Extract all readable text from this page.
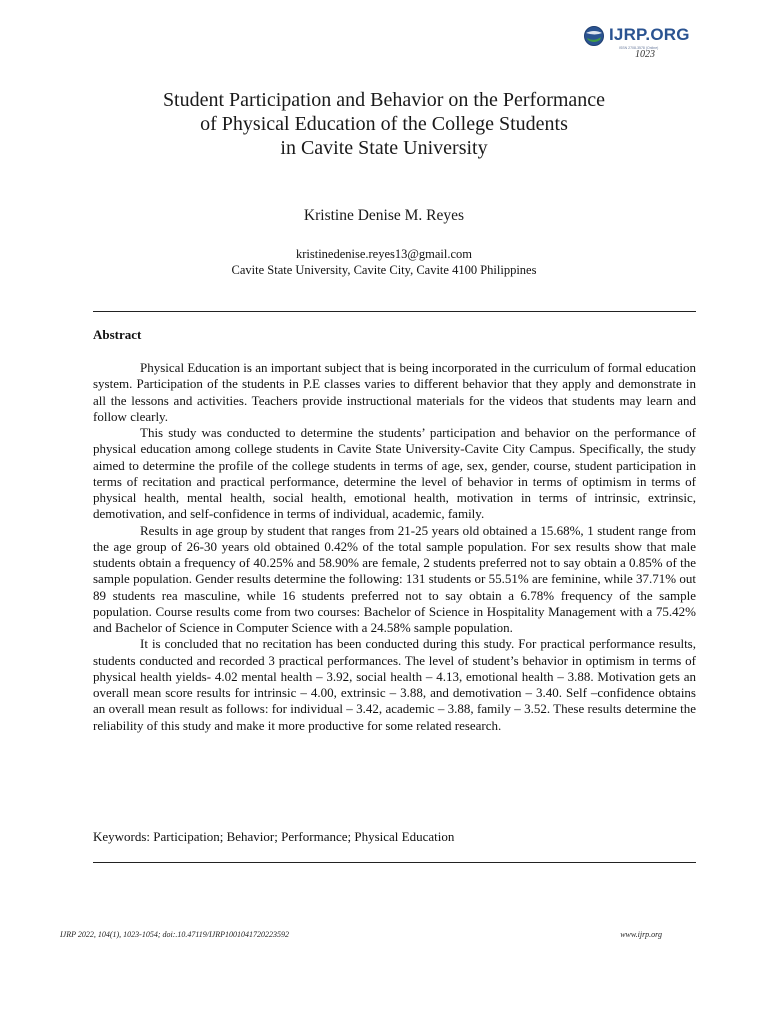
IJRP.ORG
ISSN 2708-3578 (Online)
1023
Student Participation and Behavior on the Performance
of Physical Education of the College Students
in Cavite State University
Kristine Denise M. Reyes
kristinedenise.reyes13@gmail.com
Cavite State University, Cavite City, Cavite 4100 Philippines
Abstract

Physical Education is an important subject that is being incorporated in the curriculum of formal education system. Participation of the students in P.E classes varies to different behavior that they apply and demonstrate in all the lessons and activities. Teachers provide instructional materials for the videos that students may learn and follow clearly.

This study was conducted to determine the students’ participation and behavior on the performance of physical education among college students in Cavite State University-Cavite City Campus. Specifically, the study aimed to determine the profile of the college students in terms of age, sex, gender, course, student participation in terms of recitation and practical performance, determine the level of behavior in terms of optimism in terms of physical health, mental health, social health, emotional health, motivation in terms of intrinsic, extrinsic, demotivation, and self-confidence in terms of individual, academic, family.

Results in age group by student that ranges from 21-25 years old obtained a 15.68%, 1 student range from the age group of 26-30 years old obtained 0.42% of the total sample population. For sex results show that male students obtain a frequency of 40.25% and 58.90% are female, 2 students preferred not to say obtain a 0.85% of the sample population. Gender results determine the following: 131 students or 55.51% are feminine, while 37.71% out 89 students rea masculine, while 16 students preferred not to say obtain a 6.78% frequency of the sample population. Course results come from two courses: Bachelor of Science in Hospitality Management with a 75.42% and Bachelor of Science in Computer Science with a 24.58% sample population.

It is concluded that no recitation has been conducted during this study. For practical performance results, students conducted and recorded 3 practical performances. The level of student’s behavior in optimism in terms of physical health yields- 4.02 mental health – 3.92, social health – 4.13, emotional health – 3.88. Motivation gets an overall mean score results for intrinsic – 4.00, extrinsic – 3.88, and demotivation – 3.40. Self –confidence obtains an overall mean result as follows: for individual – 3.42, academic – 3.88, family – 3.52. These results determine the reliability of this study and make it more productive for some related research.

Keywords: Participation; Behavior; Performance; Physical Education
IJRP 2022, 104(1), 1023-1054; doi:.10.47119/IJRP1001041720223592	www.ijrp.org
